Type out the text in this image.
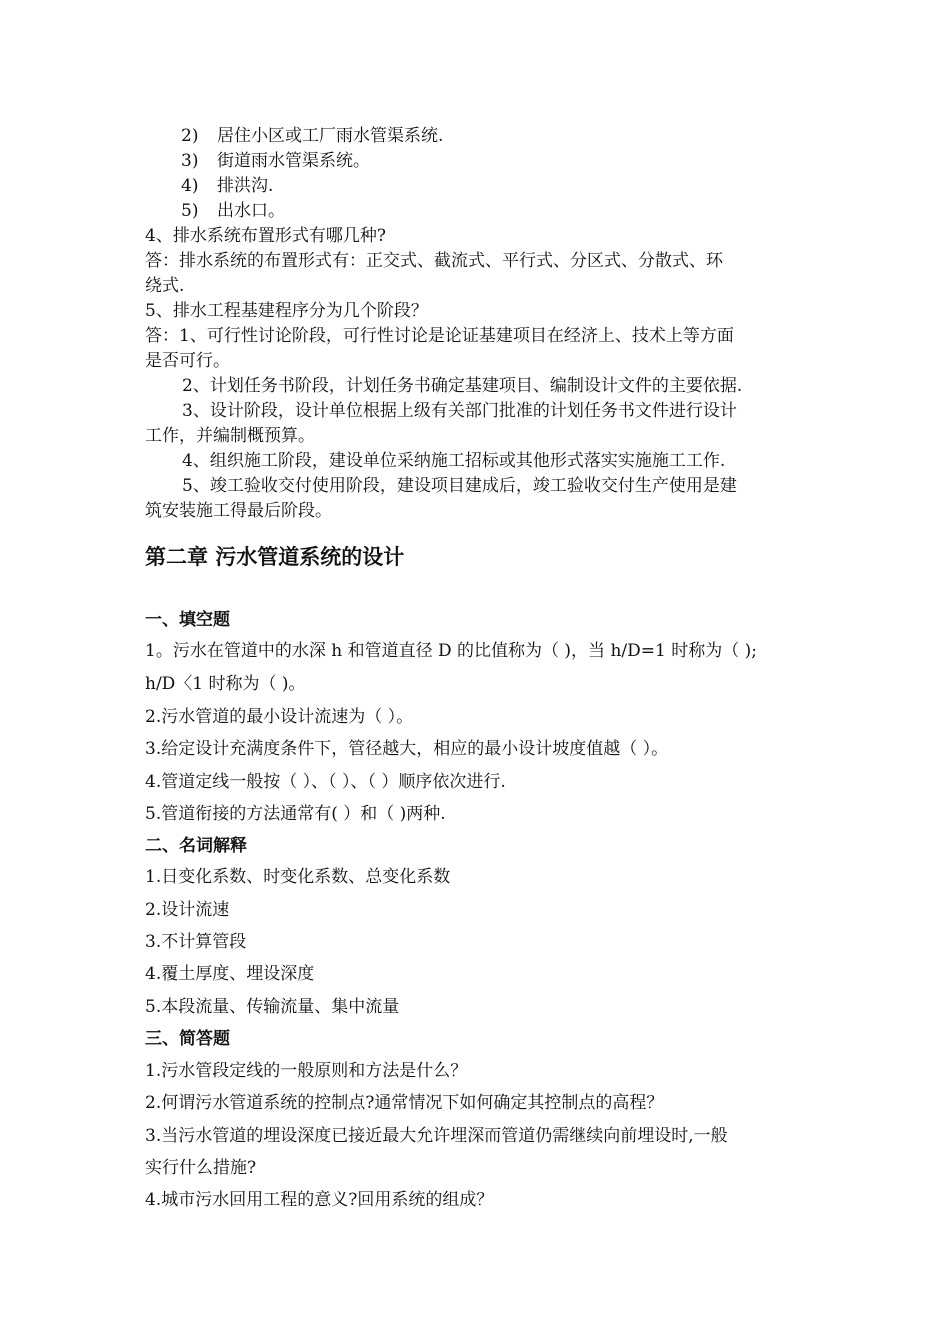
2) 居住小区或工厂雨水管渠系统.
3) 街道雨水管渠系统。
4) 排洪沟.
5) 出水口。
4、排水系统布置形式有哪几种?
答：排水系统的布置形式有：正交式、截流式、平行式、分区式、分散式、环
绕式.
5、排水工程基建程序分为几个阶段？
答：1、可行性讨论阶段，可行性讨论是论证基建项目在经济上、技术上等方面
是否可行。
2、计划任务书阶段，计划任务书确定基建项目、编制设计文件的主要依据.
3、设计阶段，设计单位根据上级有关部门批准的计划任务书文件进行设计
工作，并编制概预算。
4、组织施工阶段，建设单位采纳施工招标或其他形式落实实施施工工作.
5、竣工验收交付使用阶段，建设项目建成后，竣工验收交付生产使用是建
筑安装施工得最后阶段。
第二章 污水管道系统的设计
一、填空题
1。污水在管道中的水深 h 和管道直径 D 的比值称为（ )，当 h/D=1 时称为（ );
h/D〈1 时称为（ )。
2.污水管道的最小设计流速为（ ）。
3.给定设计充满度条件下，管径越大，相应的最小设计坡度值越（ ）。
4.管道定线一般按（ ）、（ ）、（ ）顺序依次进行.
5.管道衔接的方法通常有( ）和（ )两种.
二、名词解释
1.日变化系数、时变化系数、总变化系数
2.设计流速
3.不计算管段
4.覆土厚度、埋设深度
5.本段流量、传输流量、集中流量
三、简答题
1.污水管段定线的一般原则和方法是什么？
2.何谓污水管道系统的控制点?通常情况下如何确定其控制点的高程？
3.当污水管道的埋设深度已接近最大允许埋深而管道仍需继续向前埋设时,一般
实行什么措施?
4.城市污水回用工程的意义?回用系统的组成？
